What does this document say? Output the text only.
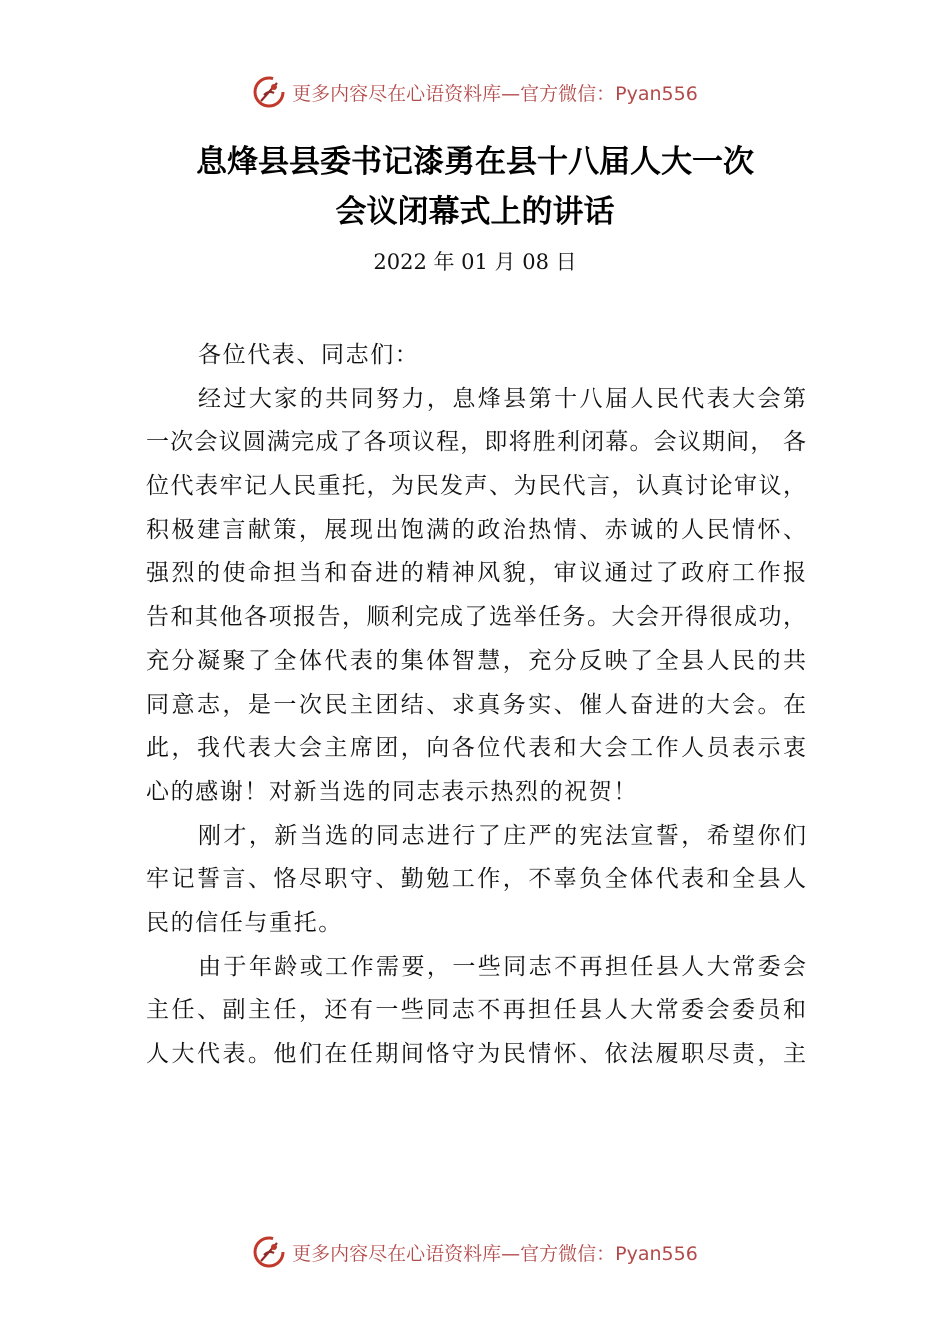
更多内容尽在心语资料库—官方微信：Pyan556
息烽县县委书记漆勇在县十八届人大一次
会议闭幕式上的讲话
2022 年 01 月 08 日
各位代表、同志们：
经过大家的共同努力，息烽县第十八届人民代表大会第
一次会议圆满完成了各项议程，即将胜利闭幕。会议期间， 各
位代表牢记人民重托，为民发声、为民代言，认真讨论审议，
积极建言献策，展现出饱满的政治热情、赤诚的人民情怀、
强烈的使命担当和奋进的精神风貌，审议通过了政府工作报
告和其他各项报告，顺利完成了选举任务。大会开得很成功，
充分凝聚了全体代表的集体智慧，充分反映了全县人民的共
同意志，是一次民主团结、求真务实、催人奋进的大会。在
此，我代表大会主席团，向各位代表和大会工作人员表示衷
心的感谢！对新当选的同志表示热烈的祝贺！
刚才，新当选的同志进行了庄严的宪法宣誓，希望你们
牢记誓言、恪尽职守、勤勉工作，不辜负全体代表和全县人
民的信任与重托。
由于年龄或工作需要，一些同志不再担任县人大常委会
主任、副主任，还有一些同志不再担任县人大常委会委员和
人大代表。他们在任期间恪守为民情怀、依法履职尽责，主
更多内容尽在心语资料库—官方微信：Pyan556
